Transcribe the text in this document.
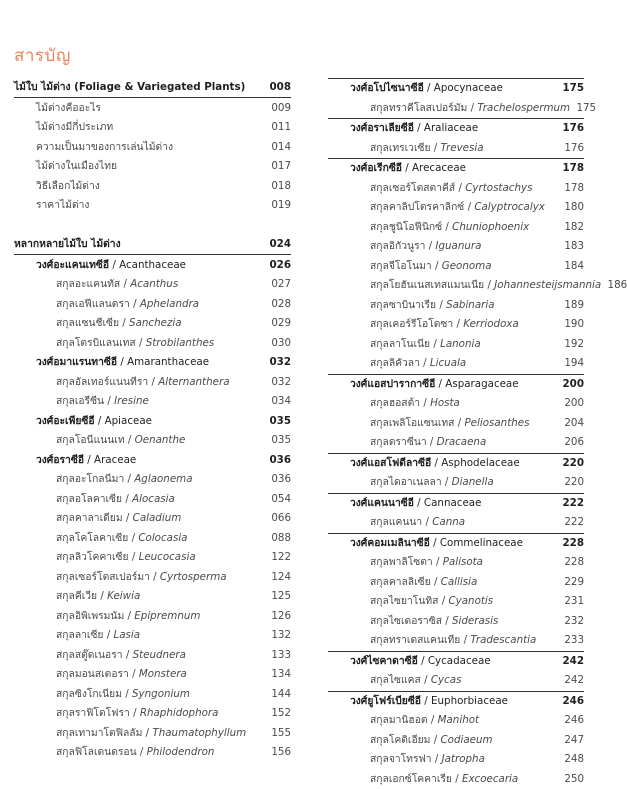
สารบัญ
ไม้ใบ ไม้ด่าง (Foliage & Variegated Plants)	008
ไม้ด่างคืออะไร	009
ไม้ด่างมีกี่ประเภท	011
ความเป็นมาของการเล่นไม้ด่าง	014
ไม้ด่างในเมืองไทย	017
วิธีเลือกไม้ด่าง	018
ราคาไม้ด่าง	019
หลากหลายไม้ใบ ไม้ด่าง	024
วงศ์อะแคนเทซีอี / Acanthaceae	026
สกุลอะแคนทัส / Acanthus	027
สกุลเอฟีแลนดรา / Aphelandra	028
สกุลแซนชีเซีย / Sanchezia	029
สกุลโตรบิแลนเทส / Strobilanthes	030
วงศ์อมาแรนทาซีอี / Amaranthaceae	032
สกุลอัลเทอร์แนนทีรา / Alternanthera	032
สกุลเอรีซีน / Iresine	034
วงศ์อะเพียซีอี / Apiaceae	035
สกุลโอนีแนนเท / Oenanthe	035
วงศ์อราซีอี / Araceae	036
สกุลอะโกลนีมา / Aglaonema	036
สกุลอโลคาเซีย / Alocasia	054
สกุลคาลาเดียม / Caladium	066
สกุลโคโลคาเซีย / Colocasia	088
สกุลลิวโคคาเซีย / Leucocasia	122
สกุลเซอร์โตสเปอร์มา / Cyrtosperma	124
สกุลคีเวีย / Keiwia	125
สกุลอิพิเพรมนัม / Epipremnum	126
สกุลลาเซีย / Lasia	132
สกุลสตู๊ดเนอรา / Steudnera	133
สกุลมอนสเตอรา / Monstera	134
สกุลซิงโกเนียม / Syngonium	144
สกุลราฟิโดโฟรา / Rhaphidophora	152
สกุลเทามาโตฟิลลัม / Thaumatophyllum	155
สกุลฟิโลเดนดรอน / Philodendron	156
วงศ์อโปไซนาซีอี / Apocynaceae	175
สกุลทราคีโลสเปอร์มัม / Trachelospermum 175
วงศ์อราเลียซีอี / Araliaceae	176
สกุลเทรเวเซีย / Trevesia	176
วงศ์อเรีกซีอี / Arecaceae	178
สกุลเซอร์โตสตาคีส์ / Cyrtostachys	178
สกุลคาลิปโตรคาลิกซ์ / Calyptrocalyx	180
สกุลชูนิโอฟีนิกซ์ / Chuniophoenix	182
สกุลอิกัวนูรา / Iguanura	183
สกุลจีโอโนมา / Geonoma	184
สกุลโยฮันเนสเทสแมนเนีย / Johannesteijsmannia 186
สกุลซาบินาเรีย / Sabinaria	189
สกุลเคอร์รีโอโดซา / Kerriodoxa	190
สกุลลาโนเนีย / Lanonia	192
สกุลลิคัวลา / Licuala	194
วงศ์แอสปารากาซีอี / Asparagaceae	200
สกุลฮอสต้า / Hosta	200
สกุลเพลิโอแซนเทส / Peliosanthes	204
สกุลดราซีนา / Dracaena	206
วงศ์แอสโฟดีลาซีอี / Asphodelaceae	220
สกุลไดอาเนลลา / Dianella	220
วงศ์แคนนาซีอี / Cannaceae	222
สกุลแคนนา / Canna	222
วงศ์คอมเมลินาซีอี / Commelinaceae	228
สกุลพาลิโซตา / Palisota	228
สกุลคาลลิเซีย / Callisia	229
สกุลไซยาโนทิส / Cyanotis	231
สกุลไซเดอราซิส / Siderasis	232
สกุลทราเดสแคนเทีย / Tradescantia	233
วงศ์ไซคาดาซีอี / Cycadaceae	242
สกุลไซแคส / Cycas	242
วงศ์ยูโฟร์เบียซีอี / Euphorbiaceae	246
สกุลมานิฮอต / Manihot	246
สกุลโคดิเอียม / Codiaeum	247
สกุลจาโทรฟา / Jatropha	248
สกุลเอกซ์โคคาเรีย / Excoecaria	250
